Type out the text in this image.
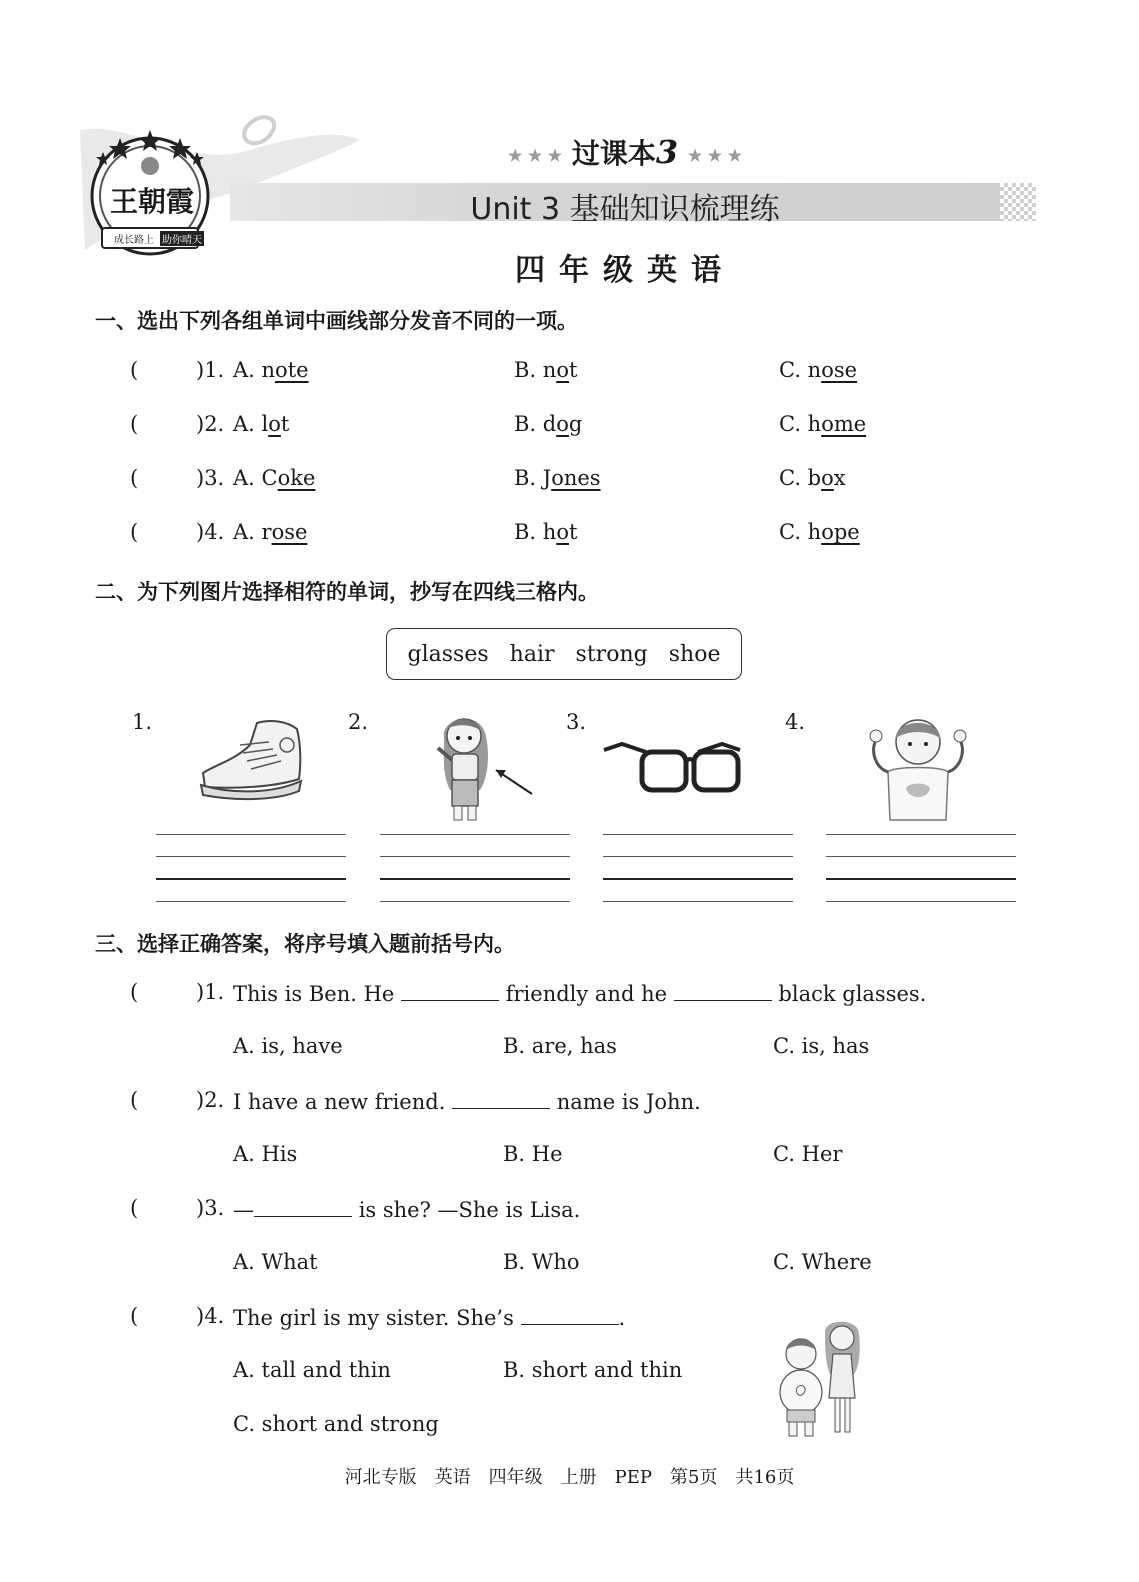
王朝霞
成长路上 助你晴天
★ ★ ★ 过课本3 ★ ★ ★
Unit 3 基础知识梳理练
四年级英语
一、选出下列各组单词中画线部分发音不同的一项。
(	)1. A. note	B. not	C. nose
(	)2. A. lot	B. dog	C. home
(	)3. A. Coke	B. Jones	C. box
(	)4. A. rose	B. hot	C. hope
二、为下列图片选择相符的单词，抄写在四线三格内。
glasses hair strong shoe
1.	2.	3.	4.
三、选择正确答案，将序号填入题前括号内。
(	)1. This is Ben. He	friendly and he	black glasses.
A. is, have	B. are, has	C. is, has
(	)2. I have a new friend.	name is John.
A. His	B. He	C. Her
(	)3. —	is she? —She is Lisa.
A. What	B. Who	C. Where
(	)4. The girl is my sister. She’s	.
A. tall and thin	B. short and thin
C. short and strong
河北专版　英语　四年级　上册　PEP　第5页　共16页
